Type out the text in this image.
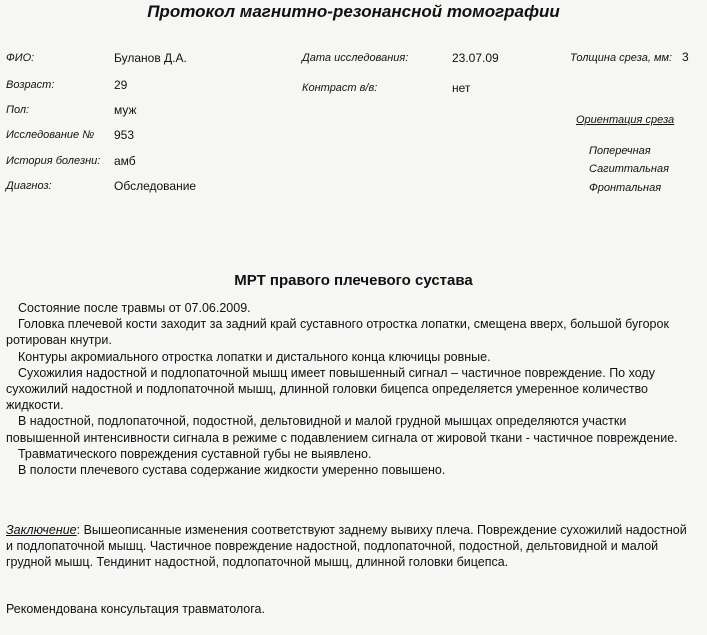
Протокол магнитно-резонансной томографии
ФИО:	Буланов Д.А.
Возраст:	29
Пол:	муж
Исследование № 953
История болезни: амб
Диагноз:	Обследование
Дата исследования:	23.07.09
Контраст в/в:	нет
Толщина среза, мм: 3
Ориентация среза
Поперечная
Сагиттальная
Фронтальная
МРТ правого плечевого сустава

Состояние после травмы от 07.06.2009.

Головка плечевой кости заходит за задний край суставного отростка лопатки, смещена вверх, большой бугорок ротирован кнутри.

Контуры акромиального отростка лопатки и дистального конца ключицы ровные.

Сухожилия надостной и подлопаточной мышц имеет повышенный сигнал – частичное повреждение. По ходу сухожилий надостной и подлопаточной мышц, длинной головки бицепса определяется умеренное количество жидкости.

В надостной, подлопаточной, подостной, дельтовидной и малой грудной мышцах определяются участки повышенной интенсивности сигнала в режиме с подавлением сигнала от жировой ткани - частичное повреждение.

Травматического повреждения суставной губы не выявлено.

В полости плечевого сустава содержание жидкости умеренно повышено.

Заключение: Вышеописанные изменения соответствуют заднему вывиху плеча. Повреждение сухожилий надостной и подлопаточной мышц. Частичное повреждение надостной, подлопаточной, подостной, дельтовидной и малой грудной мышц. Тендинит надостной, подлопаточной мышц, длинной головки бицепса.
Рекомендована консультация травматолога.
